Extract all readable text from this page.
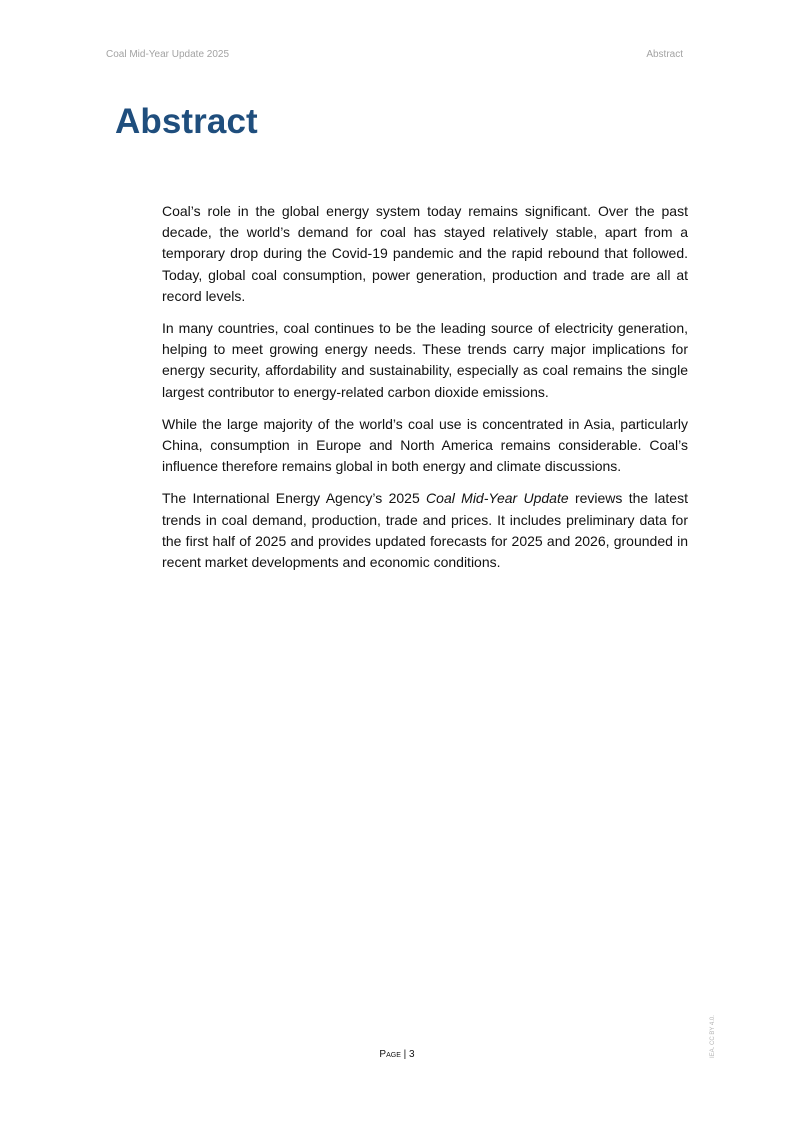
Coal Mid-Year Update 2025	Abstract
Abstract

Coal’s role in the global energy system today remains significant. Over the past decade, the world’s demand for coal has stayed relatively stable, apart from a temporary drop during the Covid-19 pandemic and the rapid rebound that followed. Today, global coal consumption, power generation, production and trade are all at record levels.

In many countries, coal continues to be the leading source of electricity generation, helping to meet growing energy needs. These trends carry major implications for energy security, affordability and sustainability, especially as coal remains the single largest contributor to energy-related carbon dioxide emissions.

While the large majority of the world’s coal use is concentrated in Asia, particularly China, consumption in Europe and North America remains considerable. Coal’s influence therefore remains global in both energy and climate discussions.

The International Energy Agency’s 2025 Coal Mid-Year Update reviews the latest trends in coal demand, production, trade and prices. It includes preliminary data for the first half of 2025 and provides updated forecasts for 2025 and 2026, grounded in recent market developments and economic conditions.

Page | 3	IEA. CC BY 4.0.
